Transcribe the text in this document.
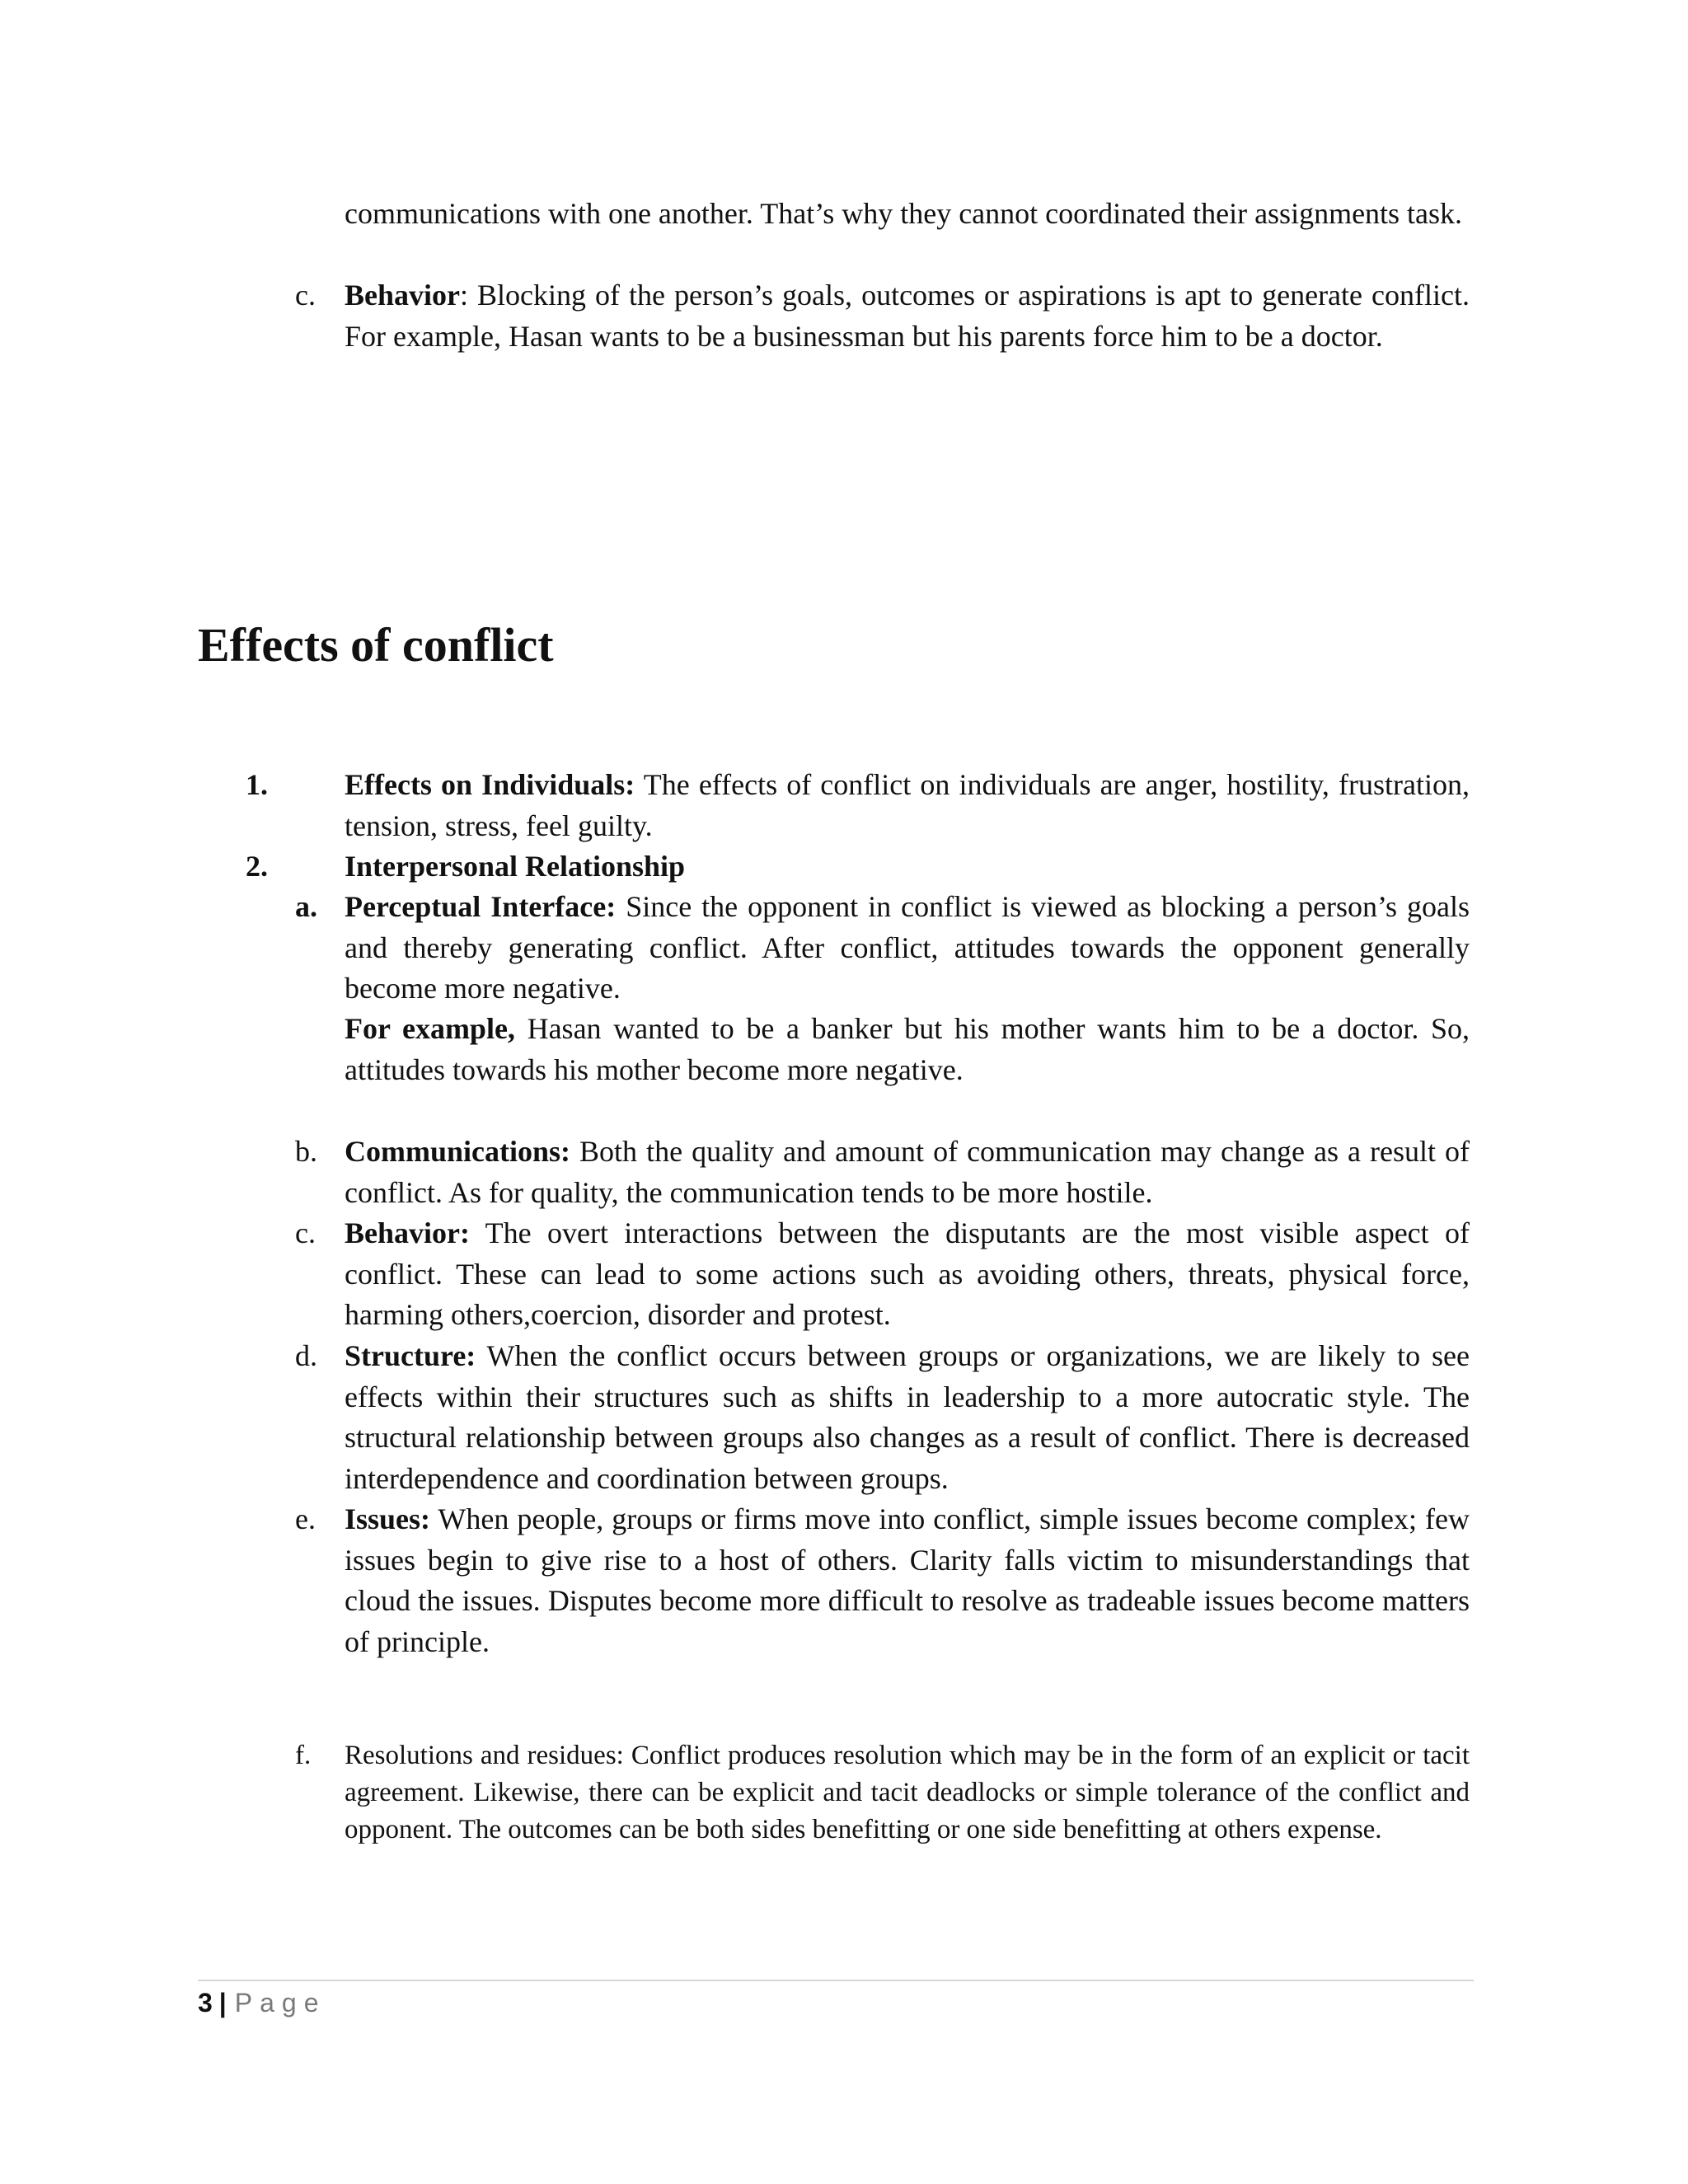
communications with one another. That’s why they cannot coordinated their assignments task.
c. Behavior: Blocking of the person’s goals, outcomes or aspirations is apt to generate conflict. For example, Hasan wants to be a businessman but his parents force him to be a doctor.
Effects of conflict
1.	Effects on Individuals: The effects of conflict on individuals are anger, hostility, frustration, tension, stress, feel guilty.
2.	Interpersonal Relationship
a. Perceptual Interface: Since the opponent in conflict is viewed as blocking a person’s goals and thereby generating conflict. After conflict, attitudes towards the opponent generally become more negative.
For example, Hasan wanted to be a banker but his mother wants him to be a doctor. So, attitudes towards his mother become more negative.
b. Communications: Both the quality and amount of communication may change as a result of conflict. As for quality, the communication tends to be more hostile.
c. Behavior: The overt interactions between the disputants are the most visible aspect of conflict. These can lead to some actions such as avoiding others, threats, physical force, harming others,coercion, disorder and protest.
d. Structure: When the conflict occurs between groups or organizations, we are likely to see effects within their structures such as shifts in leadership to a more autocratic style. The structural relationship between groups also changes as a result of conflict. There is decreased interdependence and coordination between groups.
e. Issues: When people, groups or firms move into conflict, simple issues become complex; few issues begin to give rise to a host of others. Clarity falls victim to misunderstandings that cloud the issues. Disputes become more difficult to resolve as tradeable issues become matters of principle.
f. Resolutions and residues: Conflict produces resolution which may be in the form of an explicit or tacit agreement. Likewise, there can be explicit and tacit deadlocks or simple tolerance of the conflict and opponent. The outcomes can be both sides benefitting or one side benefitting at others expense.
3 | Page
